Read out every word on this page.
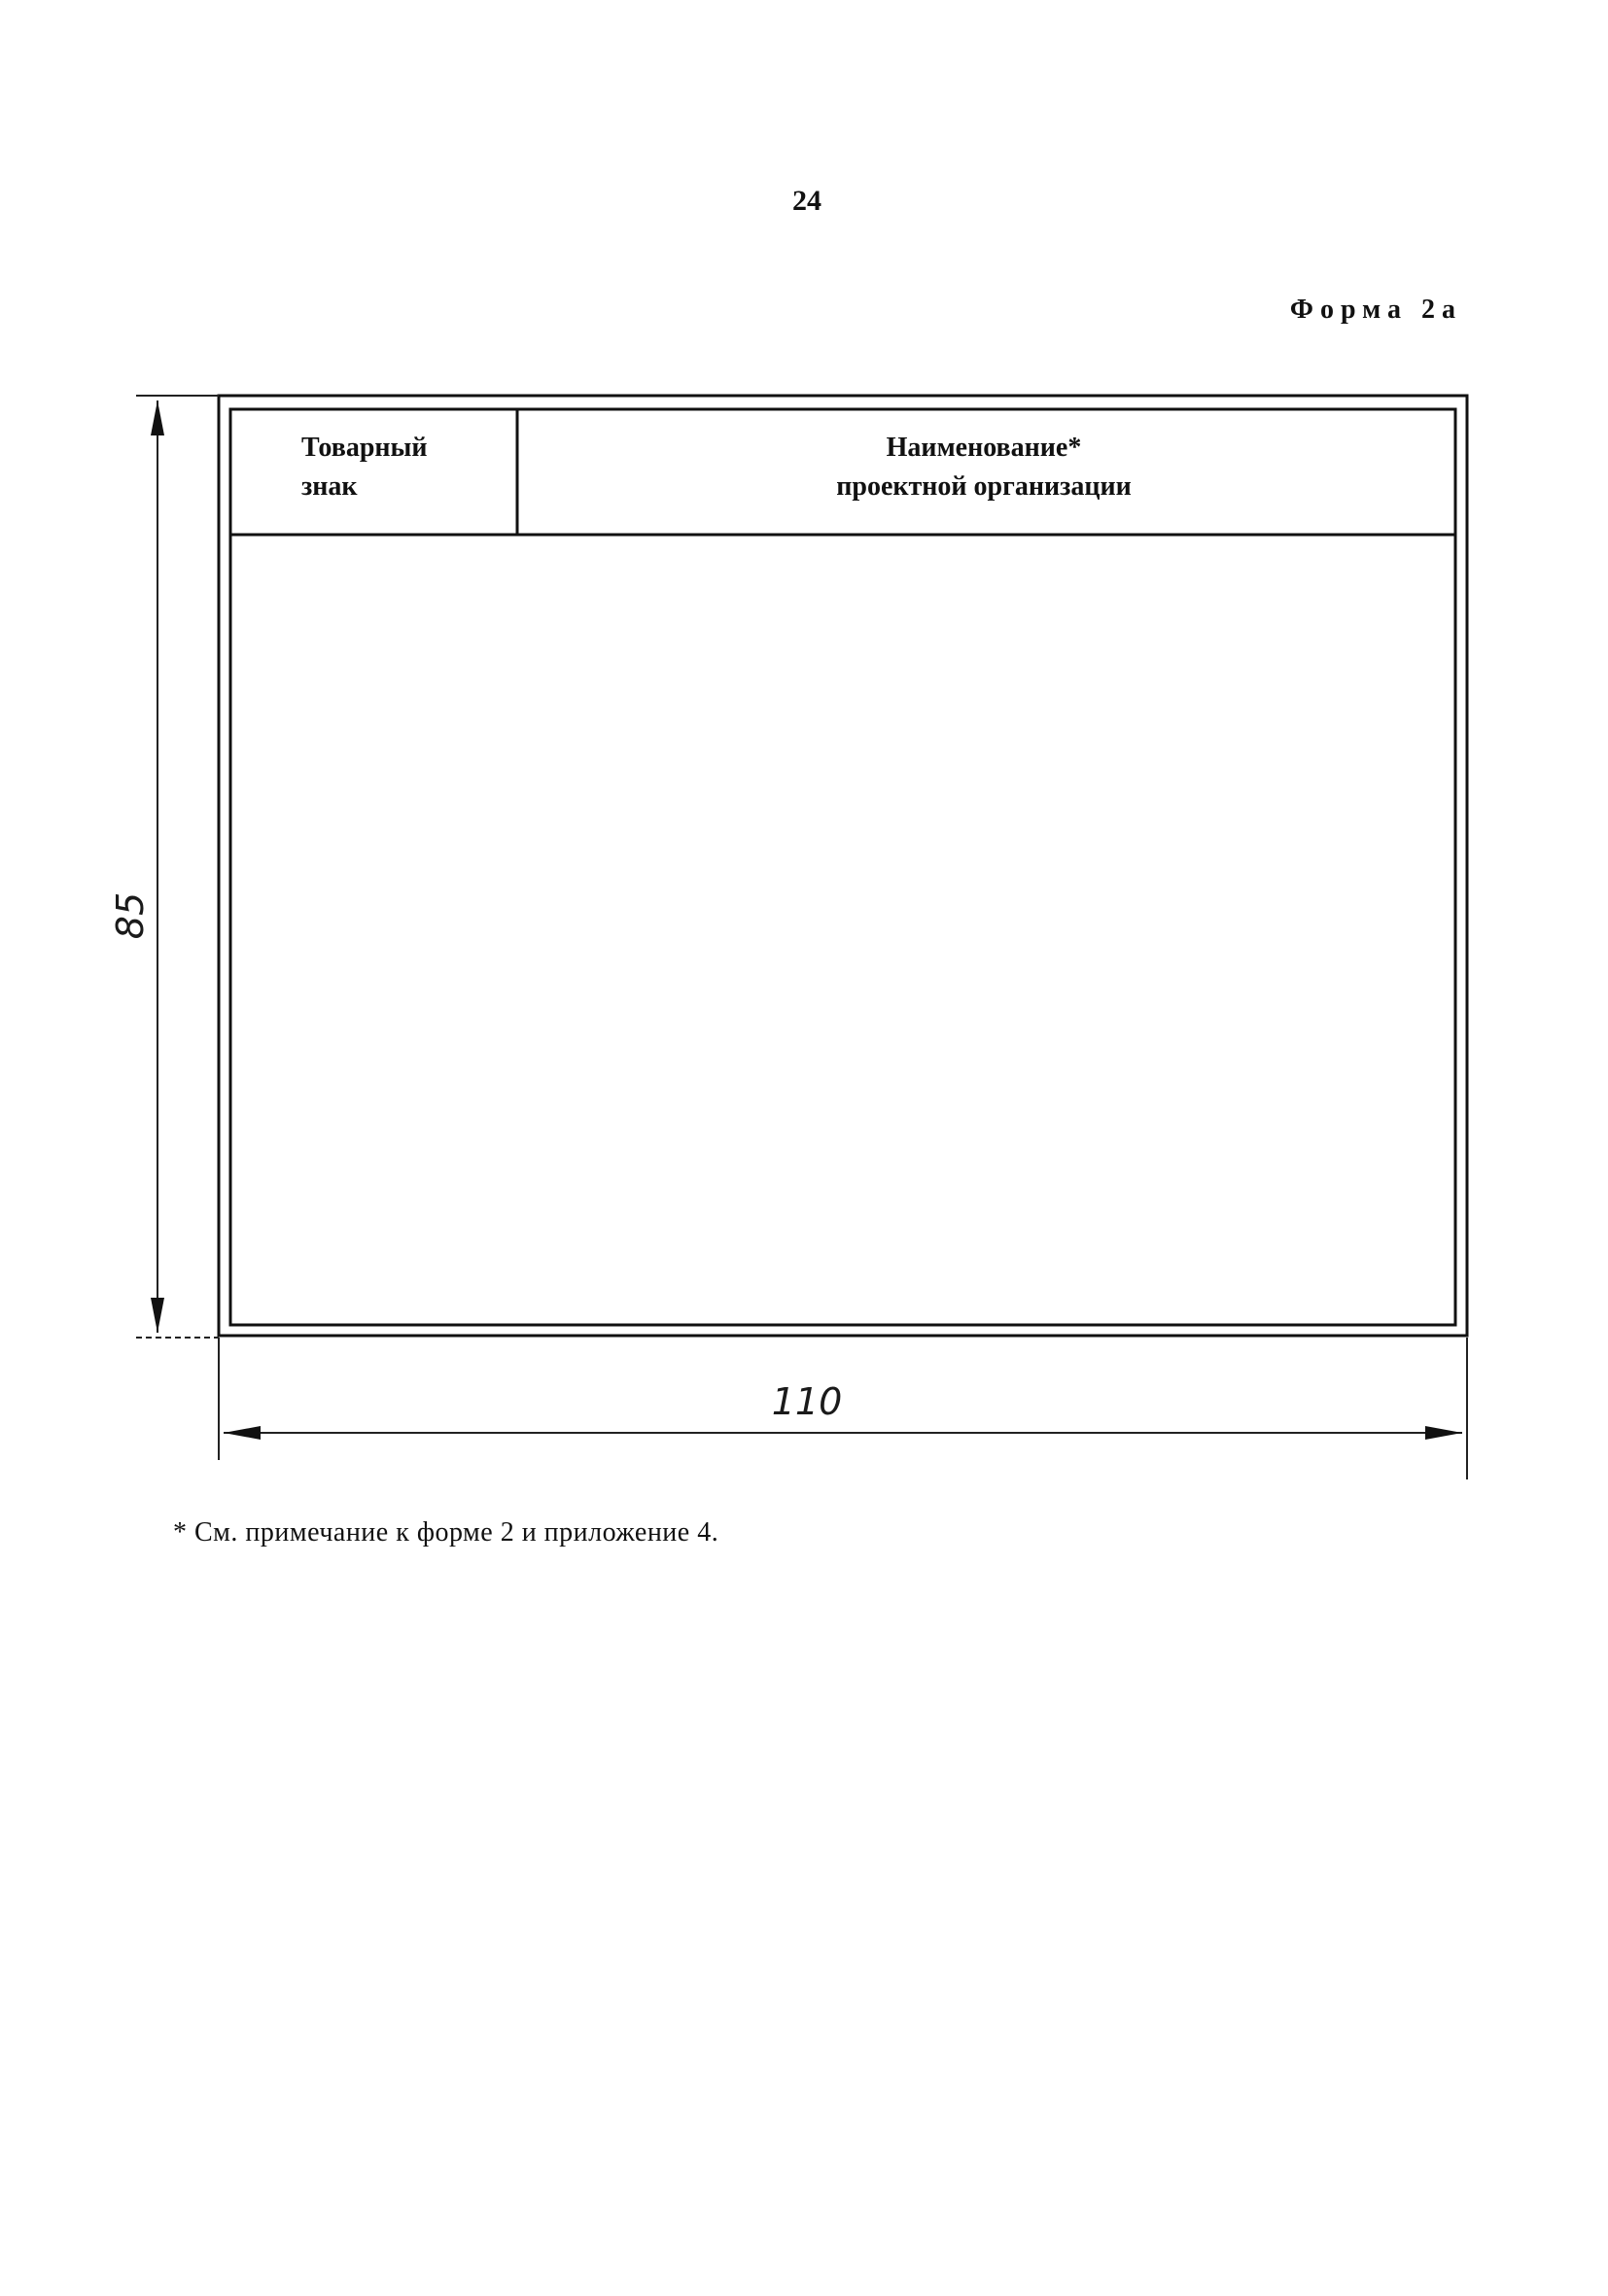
24
Форма 2а
Товарный
знак
Наименование*
проектной организации
110
85
* См. примечание к форме 2 и приложение 4.
